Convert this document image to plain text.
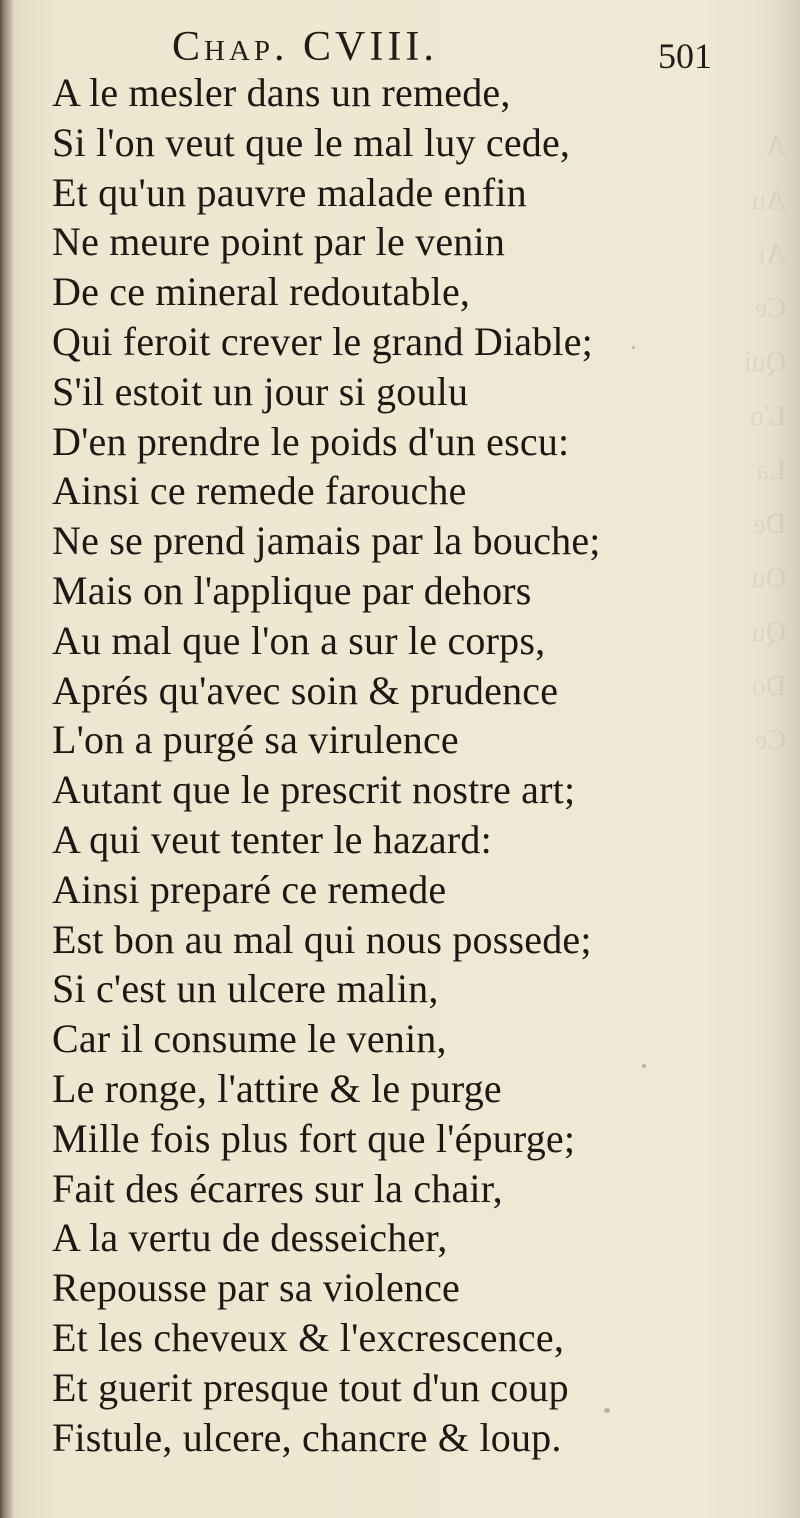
Chap. CVIII.	501
A le mesler dans un remede,
Si l'on veut que le mal luy cede,
Et qu'un pauvre malade enfin
Ne meure point par le venin
De ce mineral redoutable,
Qui feroit crever le grand Diable;
S'il estoit un jour si goulu
D'en prendre le poids d'un escu:
Ainsi ce remede farouche
Ne se prend jamais par la bouche;
Mais on l'applique par dehors
Au mal que l'on a sur le corps,
Aprés qu'avec soin & prudence
L'on a purgé sa virulence
Autant que le prescrit nostre art;
A qui veut tenter le hazard:
Ainsi preparé ce remede
Est bon au mal qui nous possede;
Si c'est un ulcere malin,
Car il consume le venin,
Le ronge, l'attire & le purge
Mille fois plus fort que l'épurge;
Fait des écarres sur la chair,
A la vertu de desseicher,
Repousse par sa violence
Et les cheveux & l'excrescence,
Et guerit presque tout d'un coup
Fistule, ulcere, chancre & loup.
